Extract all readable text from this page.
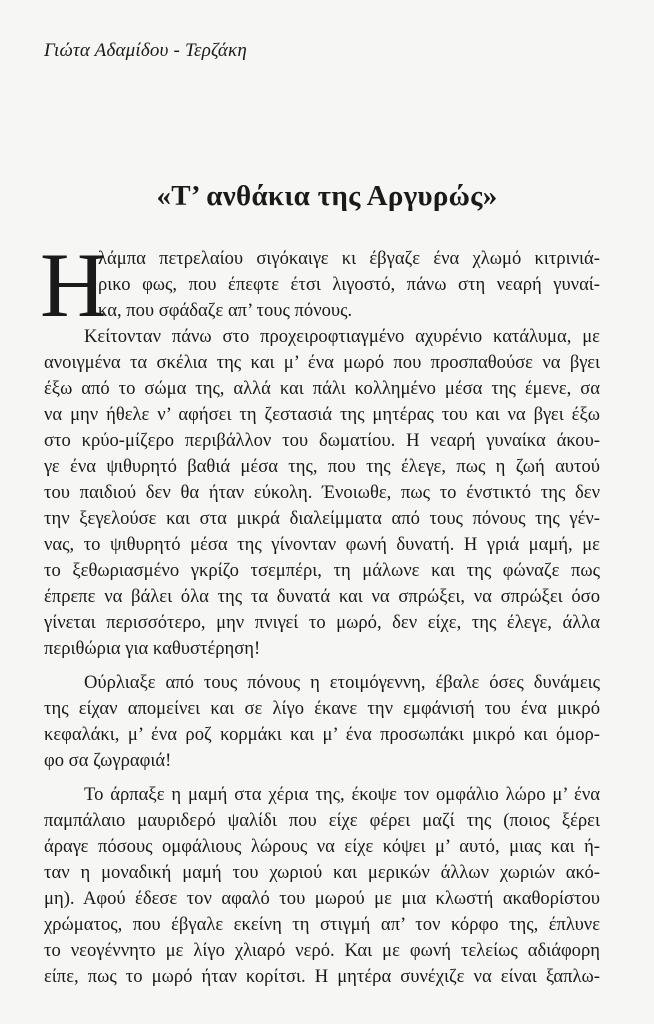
Γιώτα Αδαμίδου - Τερζάκη
«Τ’ ανθάκια της Αργυρώς»
Η
λάμπα πετρελαίου σιγόκαιγε κι έβγαζε ένα χλωμό κιτρινιά-
ρικο φως, που έπεφτε έτσι λιγοστό, πάνω στη νεαρή γυναί-
κα, που σφάδαζε απ’ τους πόνους.
Κείτονταν πάνω στο προχειροφτιαγμένο αχυρένιο κατάλυμα, με
ανοιγμένα τα σκέλια της και μ’ ένα μωρό που προσπαθούσε να βγει
έξω από το σώμα της, αλλά και πάλι κολλημένο μέσα της έμενε, σα
να μην ήθελε ν’ αφήσει τη ζεστασιά της μητέρας του και να βγει έξω
στο κρύο-μίζερο περιβάλλον του δωματίου. Η νεαρή γυναίκα άκου-
γε ένα ψιθυρητό βαθιά μέσα της, που της έλεγε, πως η ζωή αυτού
του παιδιού δεν θα ήταν εύκολη. Ένοιωθε, πως το ένστικτό της δεν
την ξεγελούσε και στα μικρά διαλείμματα από τους πόνους της γέν-
νας, το ψιθυρητό μέσα της γίνονταν φωνή δυνατή. Η γριά μαμή, με
το ξεθωριασμένο γκρίζο τσεμπέρι, τη μάλωνε και της φώναζε πως
έπρεπε να βάλει όλα της τα δυνατά και να σπρώξει, να σπρώξει όσο
γίνεται περισσότερο, μην πνιγεί το μωρό, δεν είχε, της έλεγε, άλλα
περιθώρια για καθυστέρηση!
Ούρλιαξε από τους πόνους η ετοιμόγεννη, έβαλε όσες δυνάμεις
της είχαν απομείνει και σε λίγο έκανε την εμφάνισή του ένα μικρό
κεφαλάκι, μ’ ένα ροζ κορμάκι και μ’ ένα προσωπάκι μικρό και όμορ-
φο σα ζωγραφιά!
Το άρπαξε η μαμή στα χέρια της, έκοψε τον ομφάλιο λώρο μ’ ένα
παμπάλαιο μαυριδερό ψαλίδι που είχε φέρει μαζί της (ποιος ξέρει
άραγε πόσους ομφάλιους λώρους να είχε κόψει μ’ αυτό, μιας και ή-
ταν η μοναδική μαμή του χωριού και μερικών άλλων χωριών ακό-
μη). Αφού έδεσε τον αφαλό του μωρού με μια κλωστή ακαθορίστου
χρώματος, που έβγαλε εκείνη τη στιγμή απ’ τον κόρφο της, έπλυνε
το νεογέννητο με λίγο χλιαρό νερό. Και με φωνή τελείως αδιάφορη
είπε, πως το μωρό ήταν κορίτσι. Η μητέρα συνέχιζε να είναι ξαπλω-
